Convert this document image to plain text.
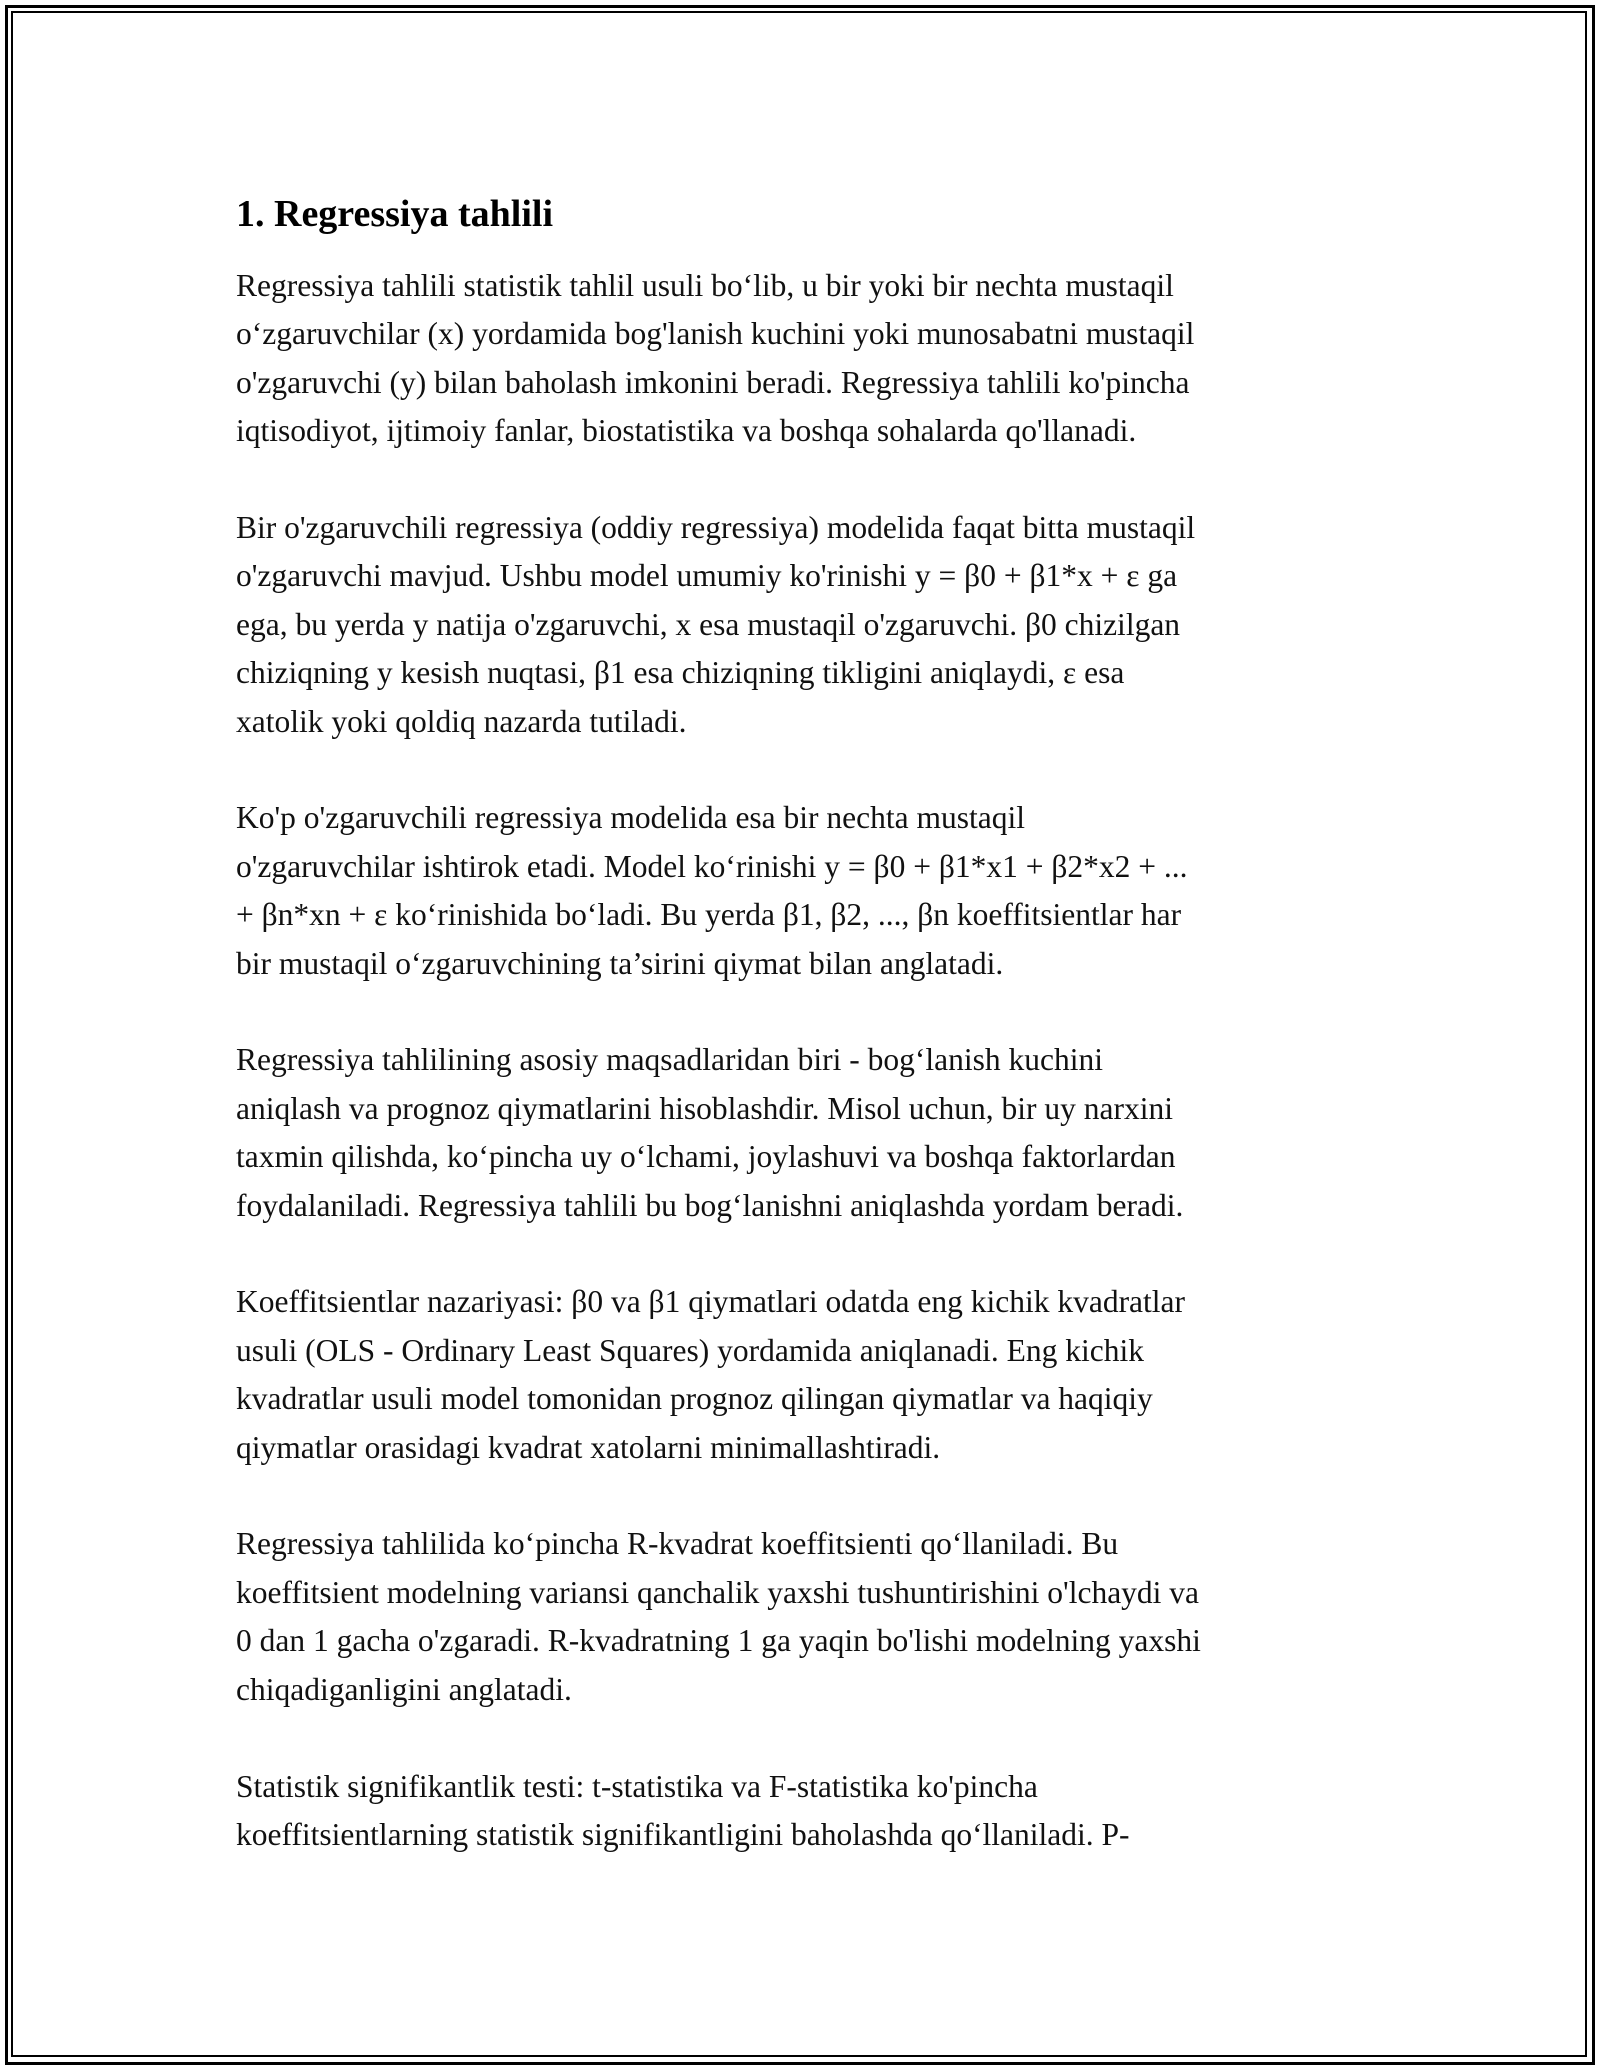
1. Regressiya tahlili

Regressiya tahlili statistik tahlil usuli bo‘lib, u bir yoki bir nechta mustaqil
o‘zgaruvchilar (x) yordamida bog'lanish kuchini yoki munosabatni mustaqil
o'zgaruvchi (y) bilan baholash imkonini beradi. Regressiya tahlili ko'pincha
iqtisodiyot, ijtimoiy fanlar, biostatistika va boshqa sohalarda qo'llanadi.

Bir o'zgaruvchili regressiya (oddiy regressiya) modelida faqat bitta mustaqil
o'zgaruvchi mavjud. Ushbu model umumiy ko'rinishi y = β0 + β1*x + ε ga
ega, bu yerda y natija o'zgaruvchi, x esa mustaqil o'zgaruvchi. β0 chizilgan
chiziqning y kesish nuqtasi, β1 esa chiziqning tikligini aniqlaydi, ε esa
xatolik yoki qoldiq nazarda tutiladi.

Ko'p o'zgaruvchili regressiya modelida esa bir nechta mustaqil
o'zgaruvchilar ishtirok etadi. Model ko‘rinishi y = β0 + β1*x1 + β2*x2 + ...
+ βn*xn + ε ko‘rinishida bo‘ladi. Bu yerda β1, β2, ..., βn koeffitsientlar har
bir mustaqil o‘zgaruvchining ta’sirini qiymat bilan anglatadi.

Regressiya tahlilining asosiy maqsadlaridan biri - bog‘lanish kuchini
aniqlash va prognoz qiymatlarini hisoblashdir. Misol uchun, bir uy narxini
taxmin qilishda, ko‘pincha uy o‘lchami, joylashuvi va boshqa faktorlardan
foydalaniladi. Regressiya tahlili bu bog‘lanishni aniqlashda yordam beradi.

Koeffitsientlar nazariyasi: β0 va β1 qiymatlari odatda eng kichik kvadratlar
usuli (OLS - Ordinary Least Squares) yordamida aniqlanadi. Eng kichik
kvadratlar usuli model tomonidan prognoz qilingan qiymatlar va haqiqiy
qiymatlar orasidagi kvadrat xatolarni minimallashtiradi.

Regressiya tahlilida ko‘pincha R-kvadrat koeffitsienti qo‘llaniladi. Bu
koeffitsient modelning variansi qanchalik yaxshi tushuntirishini o'lchaydi va
0 dan 1 gacha o'zgaradi. R-kvadratning 1 ga yaqin bo'lishi modelning yaxshi
chiqadiganligini anglatadi.

Statistik signifikantlik testi: t-statistika va F-statistika ko'pincha
koeffitsientlarning statistik signifikantligini baholashda qo‘llaniladi. P-
